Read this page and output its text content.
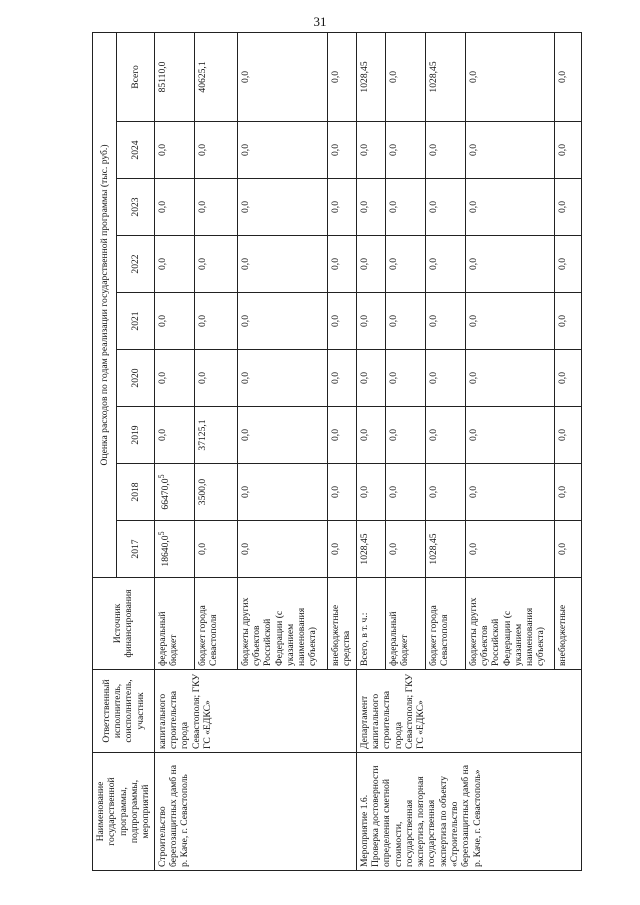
31
Наименование государственной программы, подпрограммы, мероприятий	Ответственный исполнитель, соисполнитель, участник	Источник финансирования	Оценка расходов по годам реализации государственной программы (тыс. руб.)								
			2017	2018	2019	2020	2021	2022	2023	2024	Всего
Строительство берегозащитных дамб на р. Каче, г. Севастополь	капитального строительства города Севастополя; ГКУ ГС «ЕДКС»	федеральный бюджет	18640,0$^5$	66470,0$^5$	0,0	0,0	0,0	0,0	0,0	0,0	85110,0
		бюджет города Севастополя	0,0	3500,0	37125,1	0,0	0,0	0,0	0,0	0,0	40625,1
		бюджеты других субъектов Российской Федерации (с указанием наименования субъекта)	0,0	0,0	0,0	0,0	0,0	0,0	0,0	0,0	0,0
		внебюджетные средства	0,0	0,0	0,0	0,0	0,0	0,0	0,0	0,0	0,0
Мероприятие 1.6. Проверка достоверности определения сметной стоимости, государственная экспертиза, повторная государственная экспертиза по объекту «Строительство берегозащитных дамб на р. Каче, г. Севастополь»	Департамент капитального строительства города Севастополя; ГКУ ГС «ЕДКС»	Всего, в т. ч.:	1028,45	0,0	0,0	0,0	0,0	0,0	0,0	0,0	1028,45
		федеральный бюджет	0,0	0,0	0,0	0,0	0,0	0,0	0,0	0,0	0,0
		бюджет города Севастополя	1028,45	0,0	0,0	0,0	0,0	0,0	0,0	0,0	1028,45
		бюджеты других субъектов Российской Федерации (с указанием наименования субъекта)	0,0	0,0	0,0	0,0	0,0	0,0	0,0	0,0	0,0
		внебюджетные	0,0	0,0	0,0	0,0	0,0	0,0	0,0	0,0	0,0
